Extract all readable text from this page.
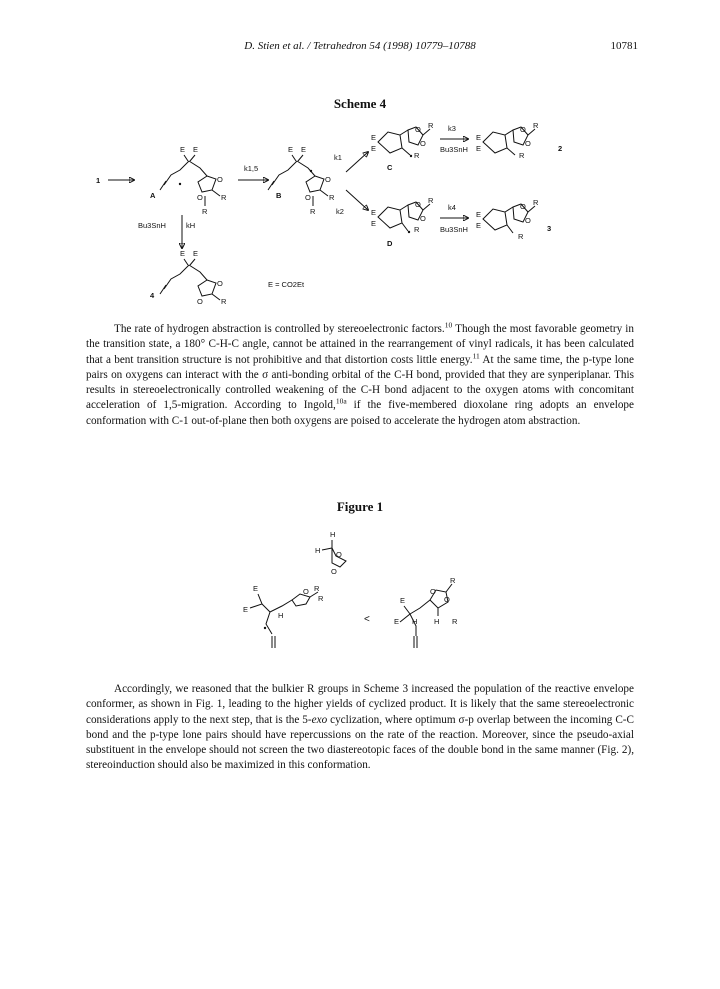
D. Stien et al. / Tetrahedron 54 (1998) 10779–10788	10781
Scheme 4
1
E E
O
O R
R
A
k1,5
E E
O
O R
R
B
k1
k2
E
E
O
O
R
R
C
k3
Bu3SnH
E
E
O
O
R
R
2
E
E
O
O
R
R
D
k4
Bu3SnH
E
E
O
O
R
R
3
Bu3SnH	kH
E E
O
O R
4
E = CO2Et

The rate of hydrogen abstraction is controlled by stereoelectronic factors.$^{10}$ Though the most favorable geometry in the transition state, a 180° C-H-C angle, cannot be attained in the rearrangement of vinyl radicals, it has been calculated that a bent transition structure is not prohibitive and that distortion costs little energy.$^{11}$ At the same time, the p-type lone pairs on oxygens can interact with the σ anti-bonding orbital of the C-H bond, provided that they are synperiplanar. This results in stereoelectronically controlled weakening of the C-H bond adjacent to the oxygen atoms with concomitant acceleration of 1,5-migration. According to Ingold,$^{10a}$ if the five-membered dioxolane ring adopts an envelope conformation with C-1 out-of-plane then both oxygens are poised to accelerate the hydrogen atom abstraction.

Figure 1
H
H O
O
E
E
H
O R
R
<
E
E H
O
O
R
H R

Accordingly, we reasoned that the bulkier R groups in Scheme 3 increased the population of the reactive envelope conformer, as shown in Fig. 1, leading to the higher yields of cyclized product. It is likely that the same stereoelectronic considerations apply to the next step, that is the 5-exo cyclization, where optimum σ-p overlap between the incoming C-C bond and the p-type lone pairs should have repercussions on the rate of the reaction. Moreover, since the pseudo-axial substituent in the envelope should not screen the two diastereotopic faces of the double bond in the same manner (Fig. 2), stereoinduction should also be maximized in this conformation.
